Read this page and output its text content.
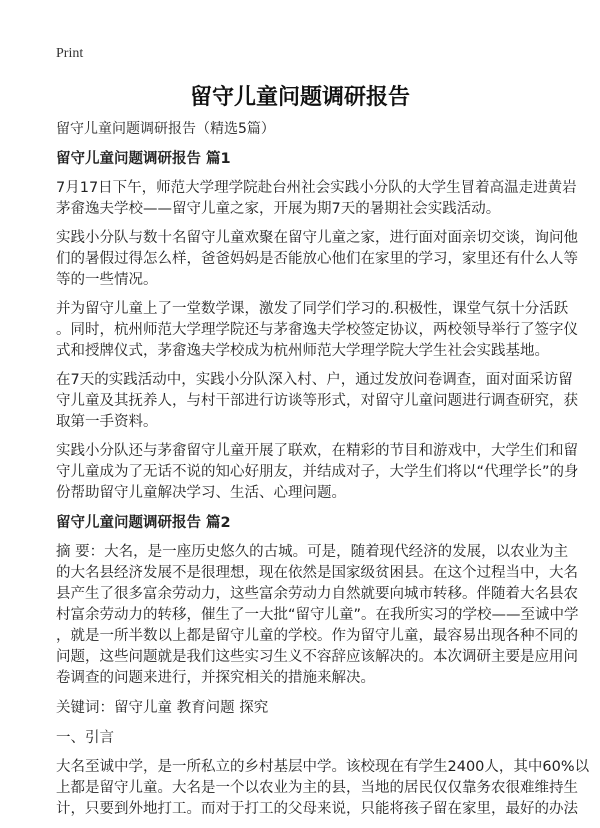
Print
留守儿童问题调研报告
留守儿童问题调研报告（精选5篇）
留守儿童问题调研报告 篇1
7月17日下午，师范大学理学院赴台州社会实践小分队的大学生冒着高温走进黄岩
茅畲逸夫学校——留守儿童之家，开展为期7天的暑期社会实践活动。
实践小分队与数十名留守儿童欢聚在留守儿童之家，进行面对面亲切交谈，询问他
们的暑假过得怎么样，爸爸妈妈是否能放心他们在家里的学习，家里还有什么人等
等的一些情况。
并为留守儿童上了一堂数学课，激发了同学们学习的.积极性，课堂气氛十分活跃
。同时，杭州师范大学理学院还与茅畲逸夫学校签定协议，两校领导举行了签字仪
式和授牌仪式，茅畲逸夫学校成为杭州师范大学理学院大学生社会实践基地。
在7天的实践活动中，实践小分队深入村、户，通过发放问卷调查，面对面采访留
守儿童及其抚养人，与村干部进行访谈等形式，对留守儿童问题进行调查研究，获
取第一手资料。
实践小分队还与茅畲留守儿童开展了联欢，在精彩的节目和游戏中，大学生们和留
守儿童成为了无话不说的知心好朋友，并结成对子，大学生们将以“代理学长”的身
份帮助留守儿童解决学习、生活、心理问题。
留守儿童问题调研报告 篇2
摘 要：大名，是一座历史悠久的古城。可是，随着现代经济的发展，以农业为主
的大名县经济发展不是很理想，现在依然是国家级贫困县。在这个过程当中，大名
县产生了很多富余劳动力，这些富余劳动力自然就要向城市转移。伴随着大名县农
村富余劳动力的转移，催生了一大批“留守儿童”。在我所实习的学校——至诚中学
，就是一所半数以上都是留守儿童的学校。作为留守儿童，最容易出现各种不同的
问题，这些问题就是我们这些实习生义不容辞应该解决的。本次调研主要是应用问
卷调查的问题来进行，并探究相关的措施来解决。
关键词：留守儿童 教育问题 探究
一、引言
大名至诚中学，是一所私立的乡村基层中学。该校现在有学生2400人，其中60%以
上都是留守儿童。大名是一个以农业为主的县，当地的居民仅仅靠务农很难维持生
计，只要到外地打工。而对于打工的父母来说，只能将孩子留在家里，最好的办法
